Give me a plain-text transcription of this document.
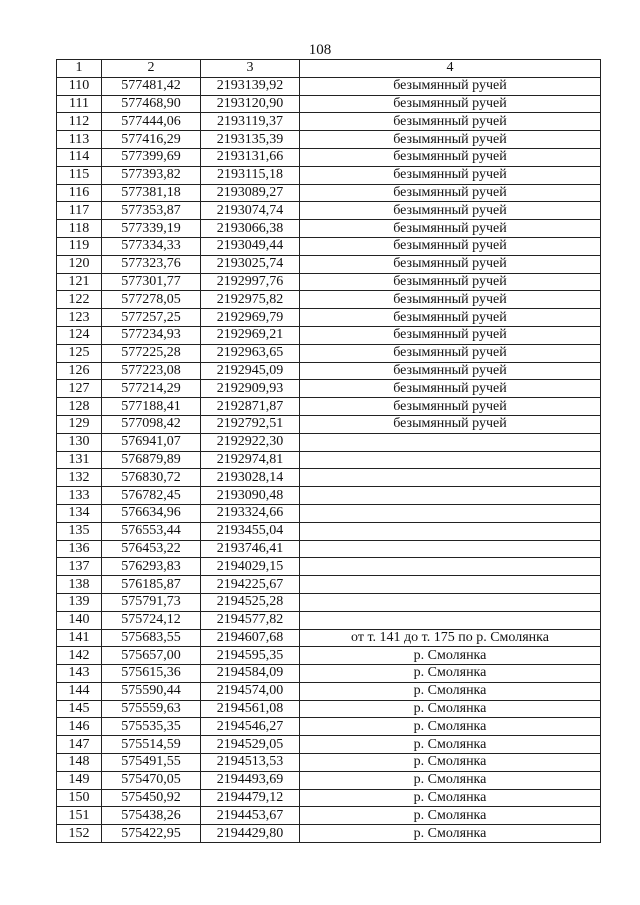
108
1	2	3	4
110	577481,42	2193139,92	безымянный ручей
111	577468,90	2193120,90	безымянный ручей
112	577444,06	2193119,37	безымянный ручей
113	577416,29	2193135,39	безымянный ручей
114	577399,69	2193131,66	безымянный ручей
115	577393,82	2193115,18	безымянный ручей
116	577381,18	2193089,27	безымянный ручей
117	577353,87	2193074,74	безымянный ручей
118	577339,19	2193066,38	безымянный ручей
119	577334,33	2193049,44	безымянный ручей
120	577323,76	2193025,74	безымянный ручей
121	577301,77	2192997,76	безымянный ручей
122	577278,05	2192975,82	безымянный ручей
123	577257,25	2192969,79	безымянный ручей
124	577234,93	2192969,21	безымянный ручей
125	577225,28	2192963,65	безымянный ручей
126	577223,08	2192945,09	безымянный ручей
127	577214,29	2192909,93	безымянный ручей
128	577188,41	2192871,87	безымянный ручей
129	577098,42	2192792,51	безымянный ручей
130	576941,07	2192922,30	
131	576879,89	2192974,81	
132	576830,72	2193028,14	
133	576782,45	2193090,48	
134	576634,96	2193324,66	
135	576553,44	2193455,04	
136	576453,22	2193746,41	
137	576293,83	2194029,15	
138	576185,87	2194225,67	
139	575791,73	2194525,28	
140	575724,12	2194577,82	
141	575683,55	2194607,68	от т. 141 до т. 175 по р. Смолянка
142	575657,00	2194595,35	р. Смолянка
143	575615,36	2194584,09	р. Смолянка
144	575590,44	2194574,00	р. Смолянка
145	575559,63	2194561,08	р. Смолянка
146	575535,35	2194546,27	р. Смолянка
147	575514,59	2194529,05	р. Смолянка
148	575491,55	2194513,53	р. Смолянка
149	575470,05	2194493,69	р. Смолянка
150	575450,92	2194479,12	р. Смолянка
151	575438,26	2194453,67	р. Смолянка
152	575422,95	2194429,80	р. Смолянка
